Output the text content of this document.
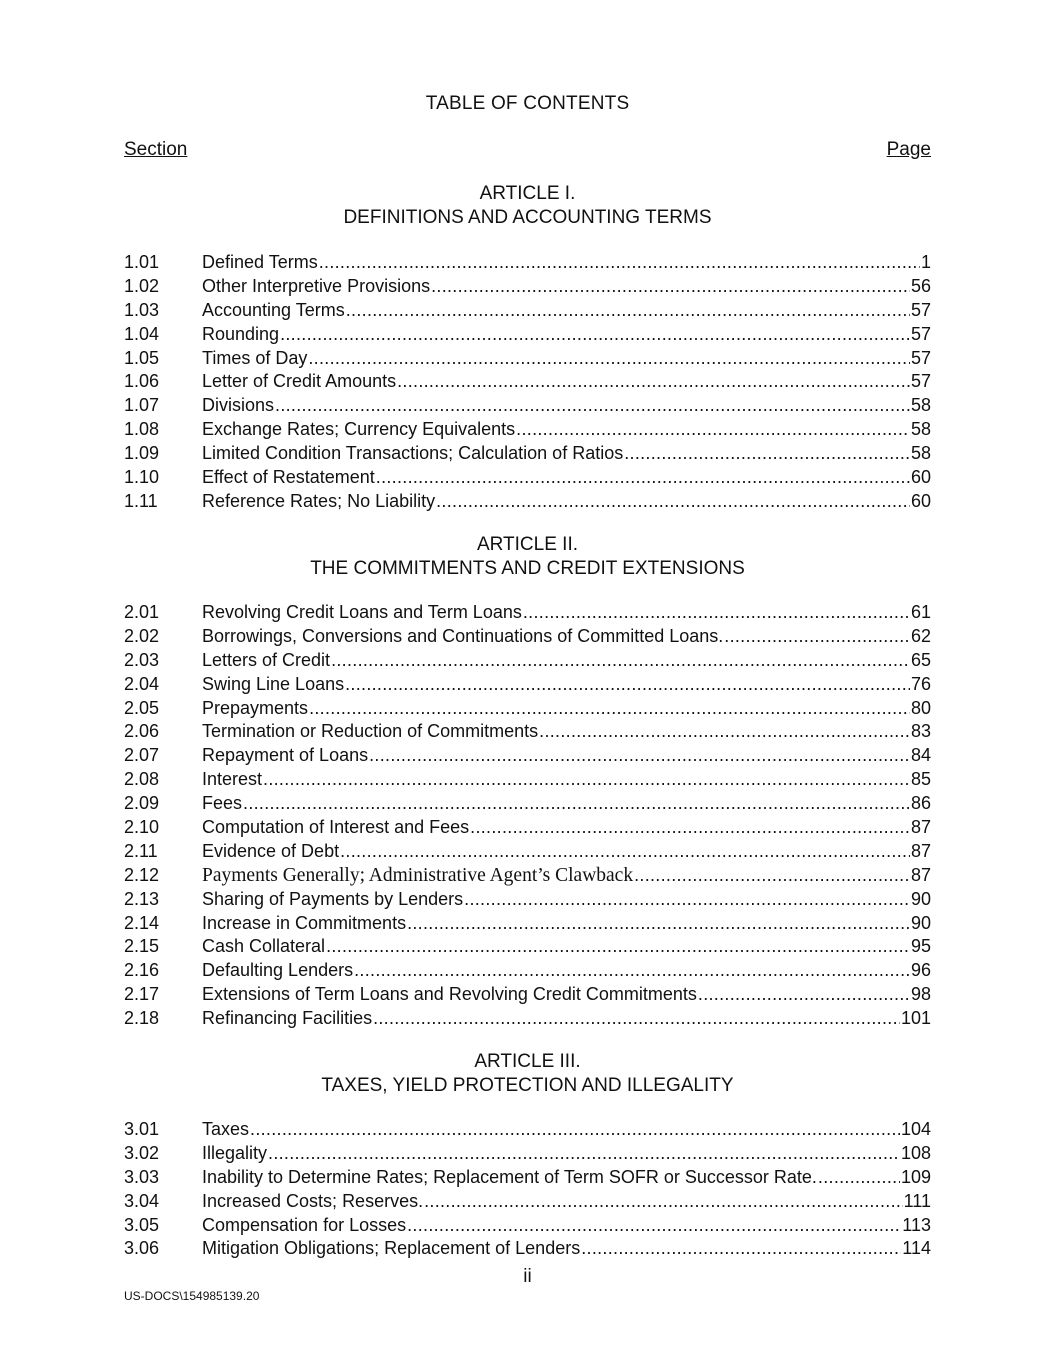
TABLE OF CONTENTS
Section	Page
ARTICLE I.
DEFINITIONS AND ACCOUNTING TERMS
1.01	Defined Terms .....	1
1.02	Other Interpretive Provisions .....	56
1.03	Accounting Terms .....	57
1.04	Rounding .....	57
1.05	Times of Day .....	57
1.06	Letter of Credit Amounts .....	57
1.07	Divisions .....	58
1.08	Exchange Rates; Currency Equivalents .....	58
1.09	Limited Condition Transactions; Calculation of Ratios .....	58
1.10	Effect of Restatement .....	60
1.11	Reference Rates; No Liability .....	60
ARTICLE II.
THE COMMITMENTS AND CREDIT EXTENSIONS
2.01	Revolving Credit Loans and Term Loans .....	61
2.02	Borrowings, Conversions and Continuations of Committed Loans. .....	62
2.03	Letters of Credit .....	65
2.04	Swing Line Loans .....	76
2.05	Prepayments .....	80
2.06	Termination or Reduction of Commitments .....	83
2.07	Repayment of Loans .....	84
2.08	Interest .....	85
2.09	Fees .....	86
2.10	Computation of Interest and Fees .....	87
2.11	Evidence of Debt .....	87
2.12	Payments Generally; Administrative Agent’s Clawback .....	87
2.13	Sharing of Payments by Lenders .....	90
2.14	Increase in Commitments .....	90
2.15	Cash Collateral .....	95
2.16	Defaulting Lenders .....	96
2.17	Extensions of Term Loans and Revolving Credit Commitments .....	98
2.18	Refinancing Facilities .....	101
ARTICLE III.
TAXES, YIELD PROTECTION AND ILLEGALITY
3.01	Taxes .....	104
3.02	Illegality .....	108
3.03	Inability to Determine Rates; Replacement of Term SOFR or Successor Rate. .....	109
3.04	Increased Costs; Reserves. .....	111
3.05	Compensation for Losses .....	113
3.06	Mitigation Obligations; Replacement of Lenders .....	114
ii
US-DOCS\154985139.20
